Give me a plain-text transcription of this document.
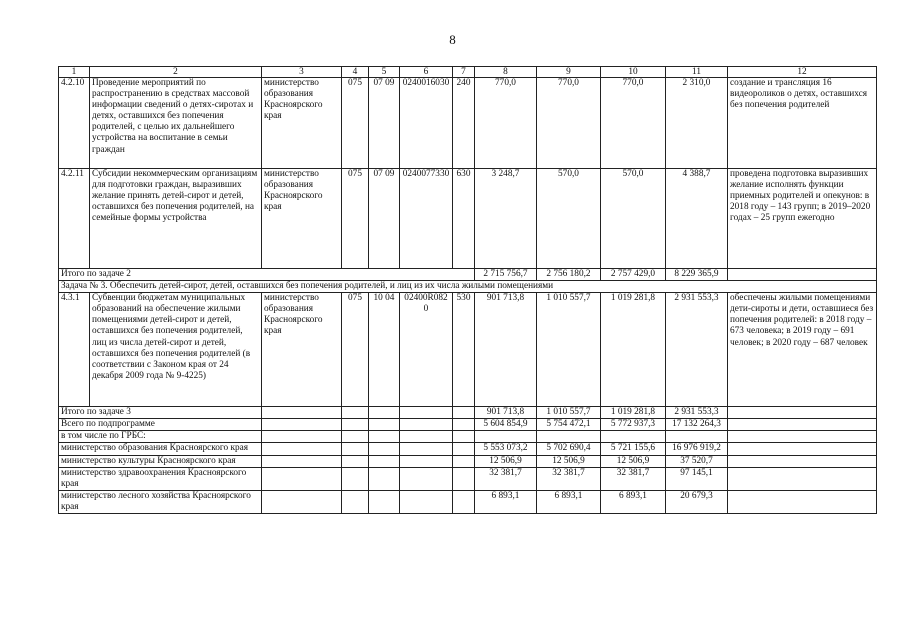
8
1	2	3	4	5	6	7	8	9	10	11	12
4.2.10	Проведение мероприятий по распространению в средствах массовой информации сведений о детях-сиротах и детях, оставшихся без попечения родителей, с целью их дальнейшего устройства на воспитание в семьи граждан	министерство образования Красноярского края	075	07 09	0240016030	240	770,0	770,0	770,0	2 310,0	создание и трансляция 16 видеороликов о детях, оставшихся без попечения родителей
4.2.11	Субсидии некоммерческим организациям для подготовки граждан, выразивших желание принять детей-сирот и детей, оставшихся без попечения родителей, на семейные формы устройства	министерство образования Красноярского края	075	07 09	0240077330	630	3 248,7	570,0	570,0	4 388,7	проведена подготовка выразивших желание исполнять функции приемных родителей и опекунов: в 2018 году – 143 групп; в 2019–2020 годах – 25 групп ежегодно
Итого по задаче 2							2 715 756,7	2 756 180,2	2 757 429,0	8 229 365,9	
Задача № 3. Обеспечить детей-сирот, детей, оставшихся без попечения родителей, и лиц из их числа жилыми помещениями											
4.3.1	Субвенции бюджетам муниципальных образований на обеспечение жилыми помещениями детей-сирот и детей, оставшихся без попечения родителей, лиц из числа детей-сирот и детей, оставшихся без попечения родителей (в соответствии с Законом края от 24 декабря 2009 года № 9-4225)	министерство образования Красноярского края	075	10 04	02400R0820	530	901 713,8	1 010 557,7	1 019 281,8	2 931 553,3	обеспечены жилыми помещениями дети-сироты и дети, оставшиеся без попечения родителей: в 2018 году – 673 человека; в 2019 году – 691 человек; в 2020 году – 687 человек
Итого по задаче 3							901 713,8	1 010 557,7	1 019 281,8	2 931 553,3	
Всего по подпрограмме							5 604 854,9	5 754 472,1	5 772 937,3	17 132 264,3	
в том числе по ГРБС:											
министерство образования Красноярского края							5 553 073,2	5 702 690,4	5 721 155,6	16 976 919,2	
министерство культуры Красноярского края							12 506,9	12 506,9	12 506,9	37 520,7	
министерство здравоохранения Красноярского края							32 381,7	32 381,7	32 381,7	97 145,1	
министерство лесного хозяйства Красноярского края							6 893,1	6 893,1	6 893,1	20 679,3	
